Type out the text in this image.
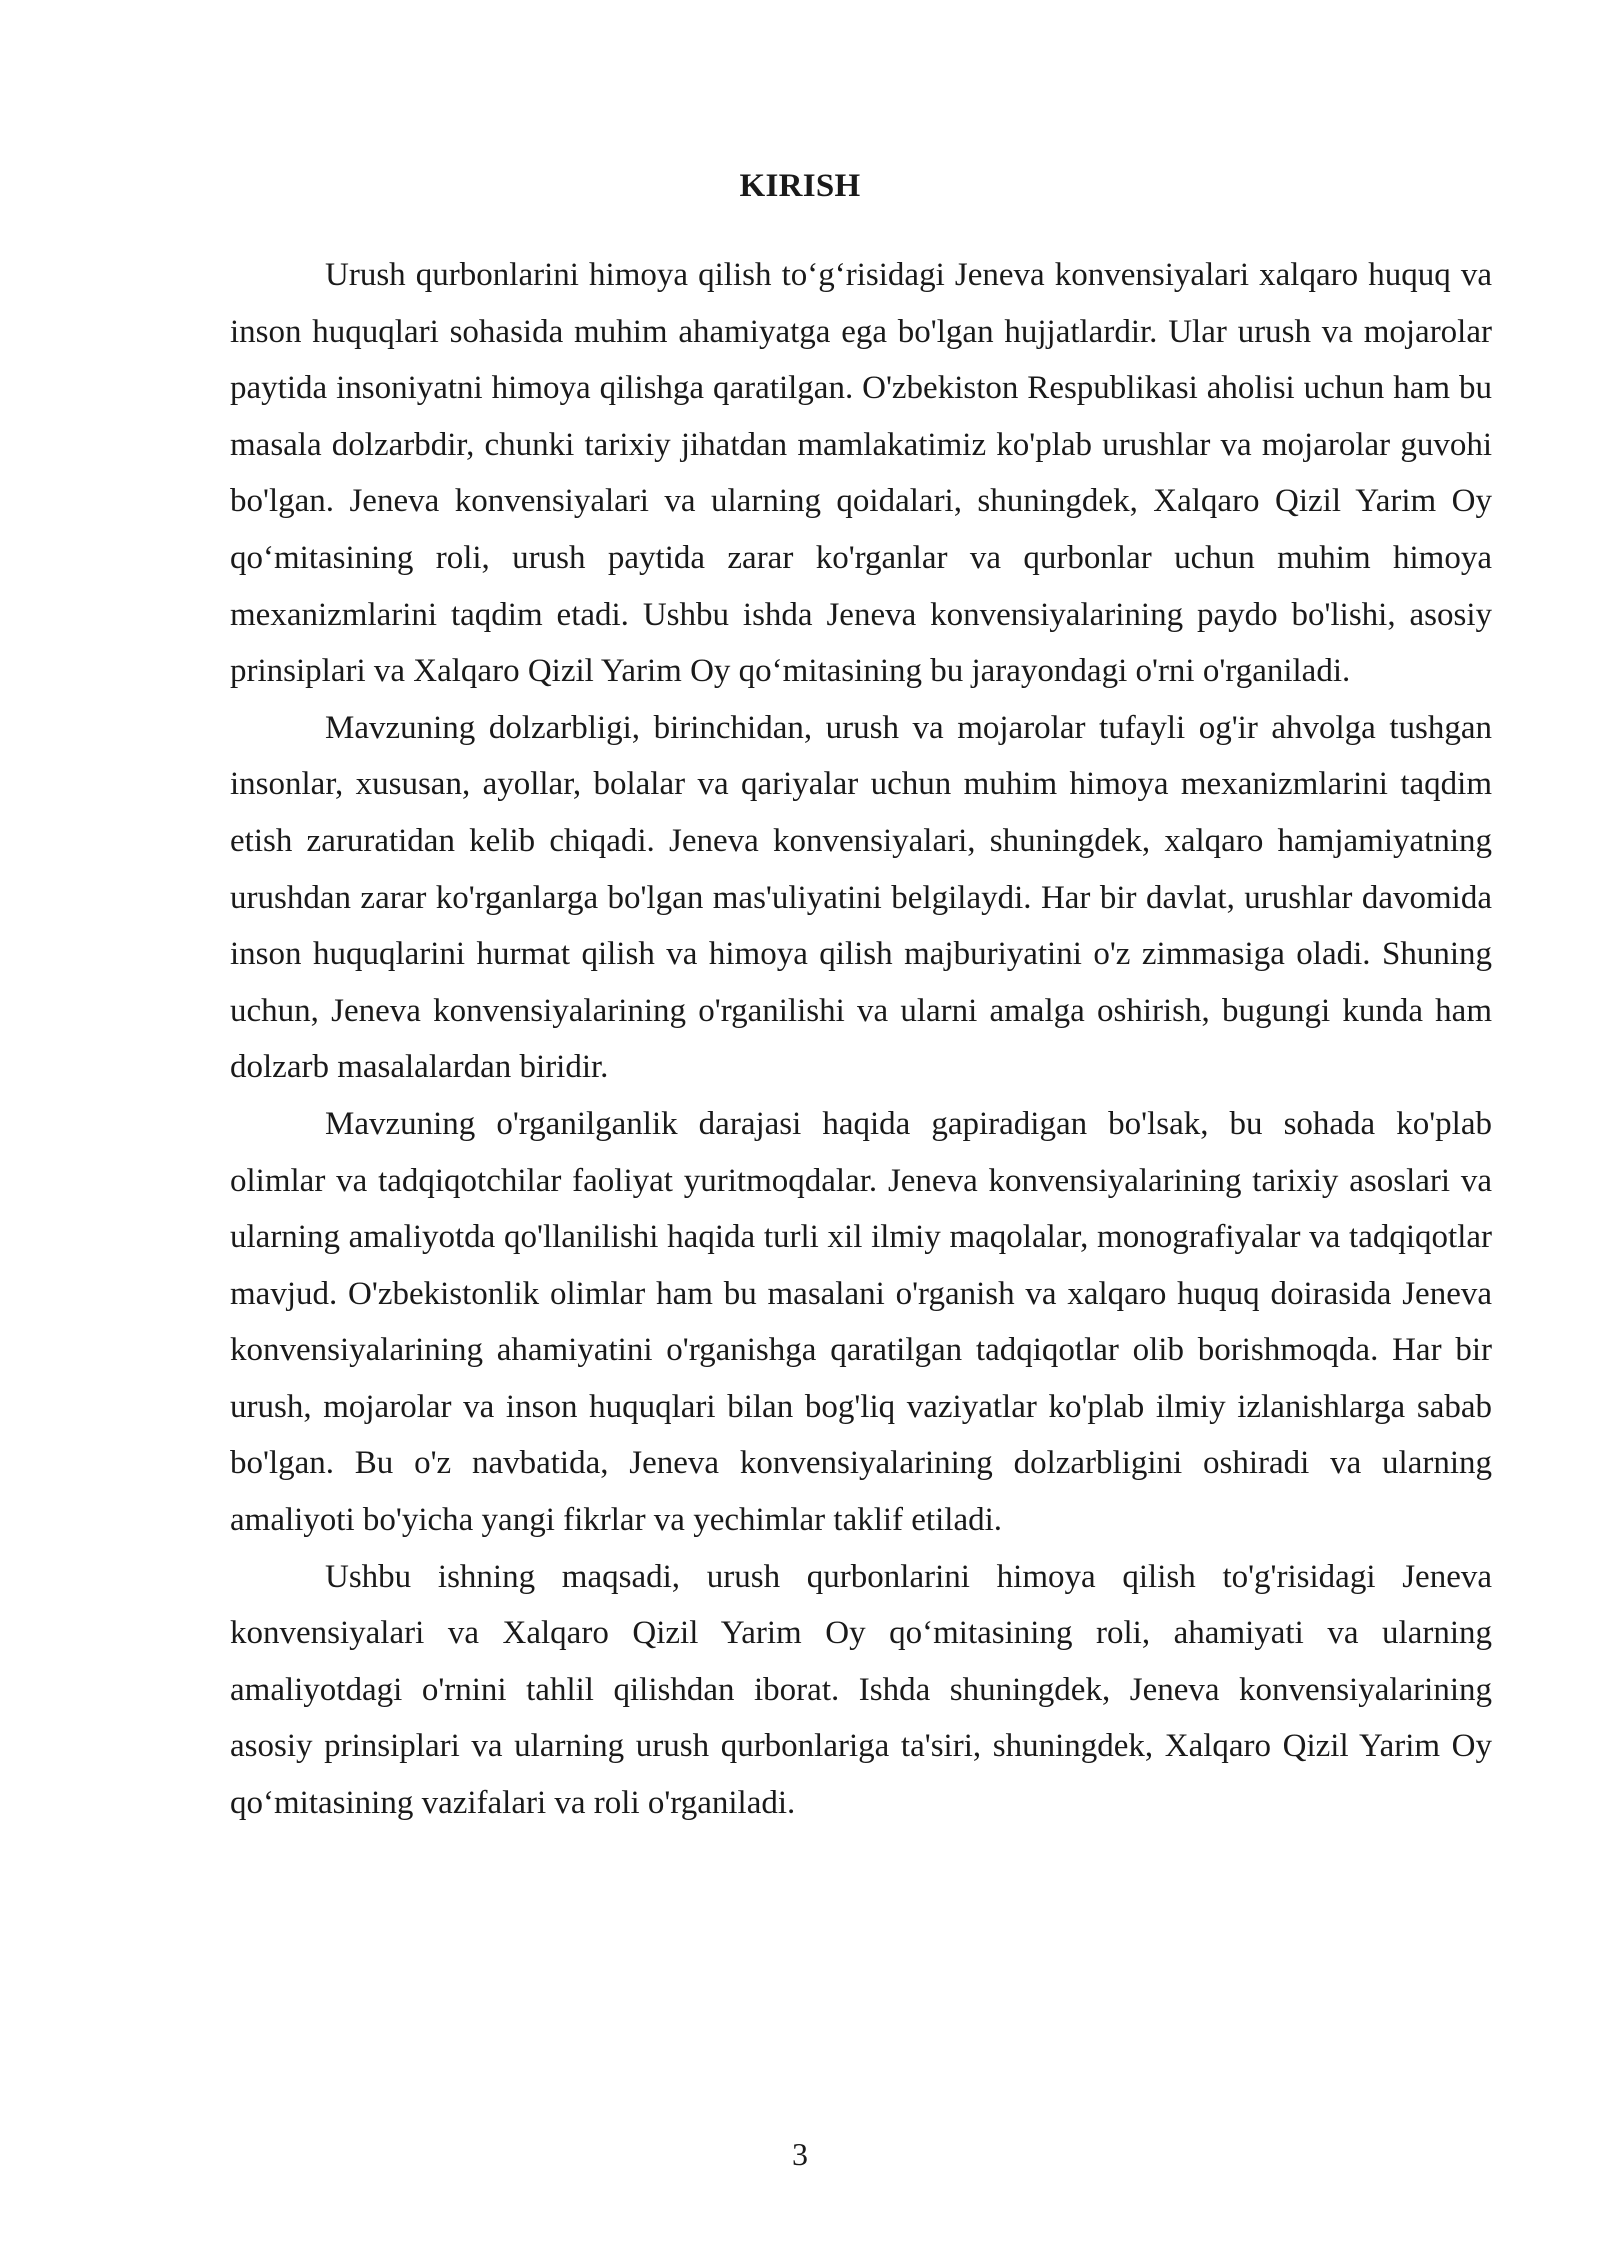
KIRISH

Urush qurbonlarini himoya qilish to‘g‘risidagi Jeneva konvensiyalari xalqaro huquq va inson huquqlari sohasida muhim ahamiyatga ega bo'lgan hujjatlardir. Ular urush va mojarolar paytida insoniyatni himoya qilishga qaratilgan. O'zbekiston Respublikasi aholisi uchun ham bu masala dolzarbdir, chunki tarixiy jihatdan mamlakatimiz ko'plab urushlar va mojarolar guvohi bo'lgan. Jeneva konvensiyalari va ularning qoidalari, shuningdek, Xalqaro Qizil Yarim Oy qo‘mitasining roli, urush paytida zarar ko'rganlar va qurbonlar uchun muhim himoya mexanizmlarini taqdim etadi. Ushbu ishda Jeneva konvensiyalarining paydo bo'lishi, asosiy prinsiplari va Xalqaro Qizil Yarim Oy qo‘mitasining bu jarayondagi o'rni o'rganiladi.

Mavzuning dolzarbligi, birinchidan, urush va mojarolar tufayli og'ir ahvolga tushgan insonlar, xususan, ayollar, bolalar va qariyalar uchun muhim himoya mexanizmlarini taqdim etish zaruratidan kelib chiqadi. Jeneva konvensiyalari, shuningdek, xalqaro hamjamiyatning urushdan zarar ko'rganlarga bo'lgan mas'uliyatini belgilaydi. Har bir davlat, urushlar davomida inson huquqlarini hurmat qilish va himoya qilish majburiyatini o'z zimmasiga oladi. Shuning uchun, Jeneva konvensiyalarining o'rganilishi va ularni amalga oshirish, bugungi kunda ham dolzarb masalalardan biridir.

Mavzuning o'rganilganlik darajasi haqida gapiradigan bo'lsak, bu sohada ko'plab olimlar va tadqiqotchilar faoliyat yuritmoqdalar. Jeneva konvensiyalarining tarixiy asoslari va ularning amaliyotda qo'llanilishi haqida turli xil ilmiy maqolalar, monografiyalar va tadqiqotlar mavjud. O'zbekistonlik olimlar ham bu masalani o'rganish va xalqaro huquq doirasida Jeneva konvensiyalarining ahamiyatini o'rganishga qaratilgan tadqiqotlar olib borishmoqda. Har bir urush, mojarolar va inson huquqlari bilan bog'liq vaziyatlar ko'plab ilmiy izlanishlarga sabab bo'lgan. Bu o'z navbatida, Jeneva konvensiyalarining dolzarbligini oshiradi va ularning amaliyoti bo'yicha yangi fikrlar va yechimlar taklif etiladi.

Ushbu ishning maqsadi, urush qurbonlarini himoya qilish to'g'risidagi Jeneva konvensiyalari va Xalqaro Qizil Yarim Oy qo‘mitasining roli, ahamiyati va ularning amaliyotdagi o'rnini tahlil qilishdan iborat. Ishda shuningdek, Jeneva konvensiyalarining asosiy prinsiplari va ularning urush qurbonlariga ta'siri, shuningdek, Xalqaro Qizil Yarim Oy qo‘mitasining vazifalari va roli o'rganiladi.

3
